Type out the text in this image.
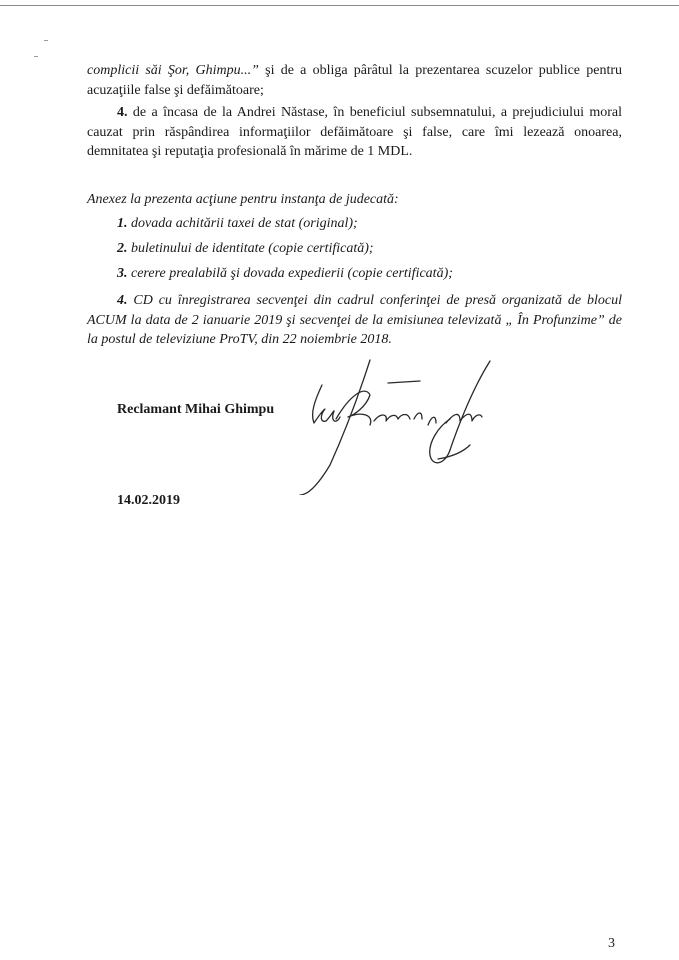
complicii săi Şor, Ghimpu...” şi de a obliga pârâtul la prezentarea scuzelor publice pentru acuzaţiile false şi defăimătoare;

4. de a încasa de la Andrei Năstase, în beneficiul subsemnatului, a prejudiciului moral cauzat prin răspândirea informaţiilor defăimătoare şi false, care îmi lezează onoarea, demnitatea şi reputaţia profesională în mărime de 1 MDL.

Anexez la prezenta acţiune pentru instanţa de judecată:
1. dovada achitării taxei de stat (original);
2. buletinului de identitate (copie certificată);
3. cerere prealabilă şi dovada expedierii (copie certificată);
4. CD cu înregistrarea secvenţei din cadrul conferinţei de presă organizată de blocul ACUM la data de 2 ianuarie 2019 şi secvenţei de la emisiunea televizată „ În Profunzime” de la postul de televiziune ProTV, din 22 noiembrie 2018.
Reclamant Mihai Ghimpu
14.02.2019
3
